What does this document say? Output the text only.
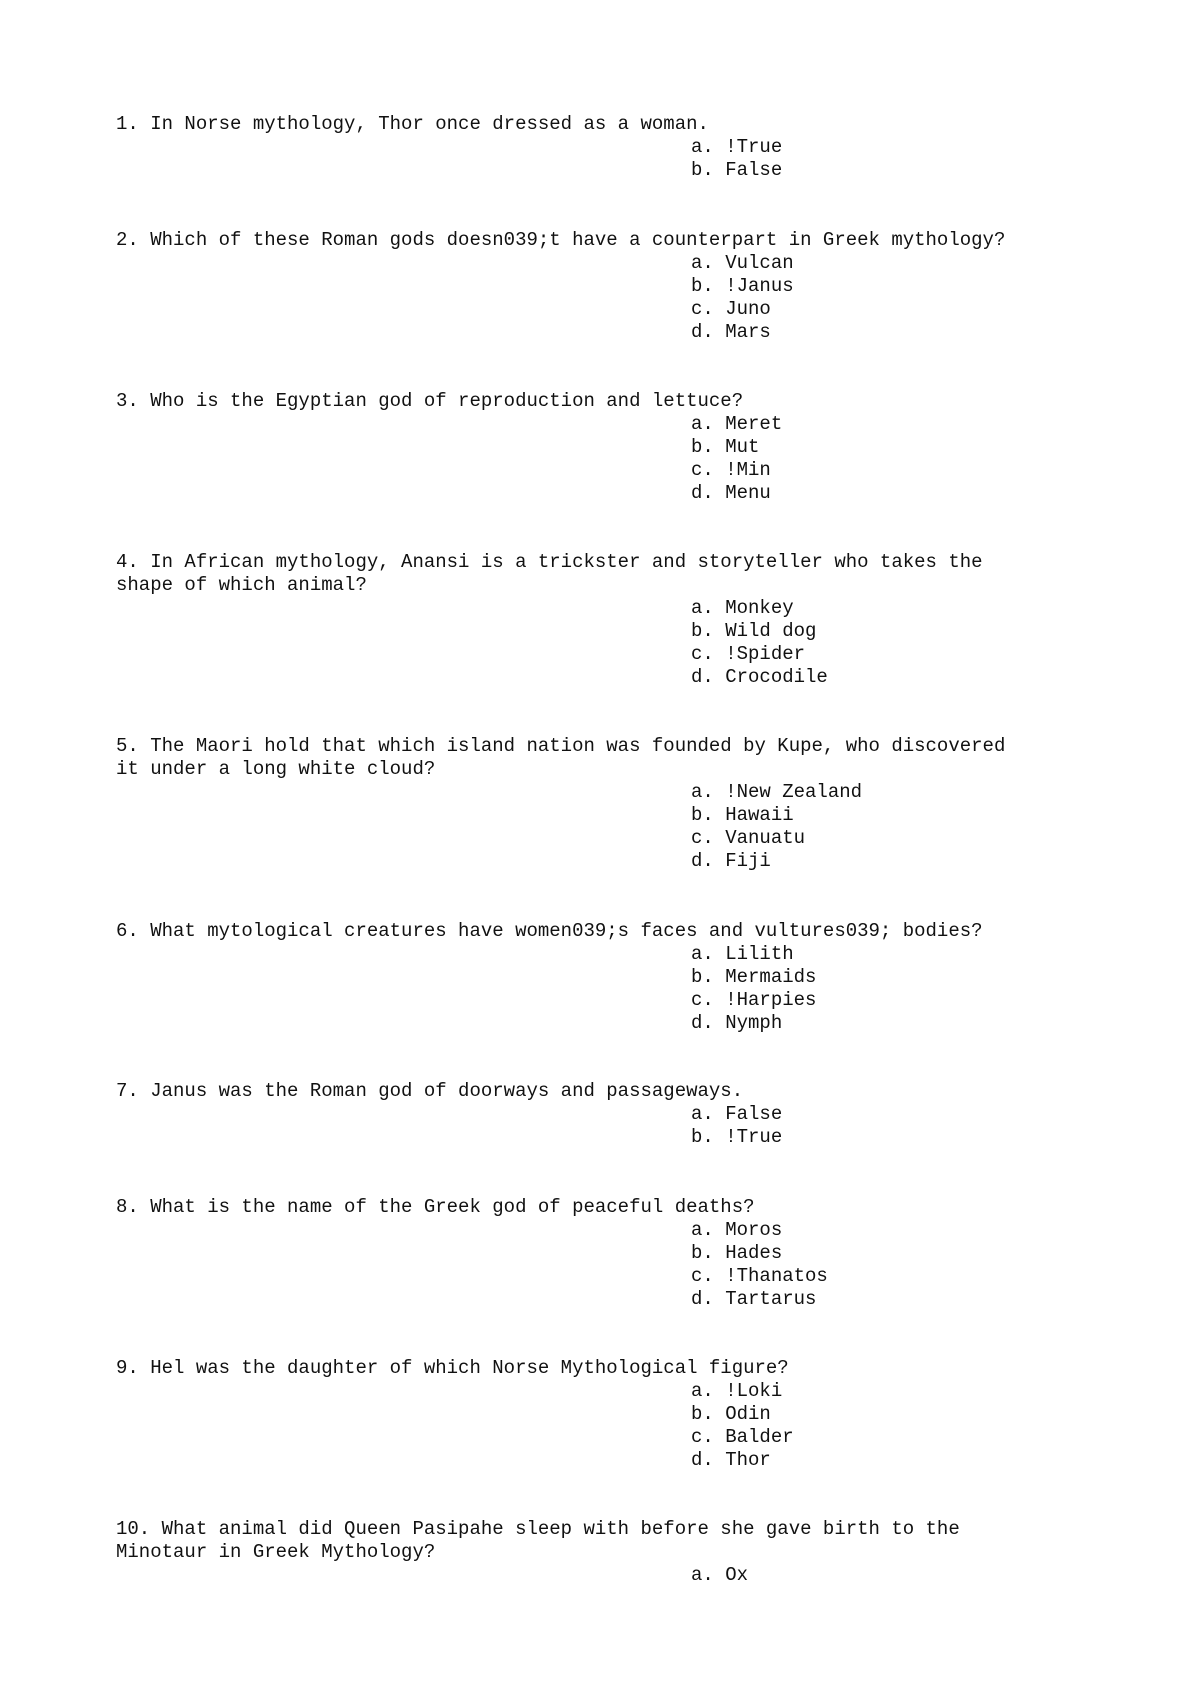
1. In Norse mythology, Thor once dressed as a woman.

a. !True
b. False

2. Which of these Roman gods doesn039;t have a counterpart in Greek mythology?

a. Vulcan
b. !Janus
c. Juno
d. Mars

3. Who is the Egyptian god of reproduction and lettuce?

a. Meret
b. Mut
c. !Min
d. Menu

4. In African mythology, Anansi is a trickster and storyteller who takes the
shape of which animal?

a. Monkey
b. Wild dog
c. !Spider
d. Crocodile

5. The Maori hold that which island nation was founded by Kupe, who discovered
it under a long white cloud?

a. !New Zealand
b. Hawaii
c. Vanuatu
d. Fiji

6. What mytological creatures have women039;s faces and vultures039; bodies?

a. Lilith
b. Mermaids
c. !Harpies
d. Nymph

7. Janus was the Roman god of doorways and passageways.

a. False
b. !True

8. What is the name of the Greek god of peaceful deaths?

a. Moros
b. Hades
c. !Thanatos
d. Tartarus

9. Hel was the daughter of which Norse Mythological figure?

a. !Loki
b. Odin
c. Balder
d. Thor

10. What animal did Queen Pasipahe sleep with before she gave birth to the
Minotaur in Greek Mythology?

a. Ox
